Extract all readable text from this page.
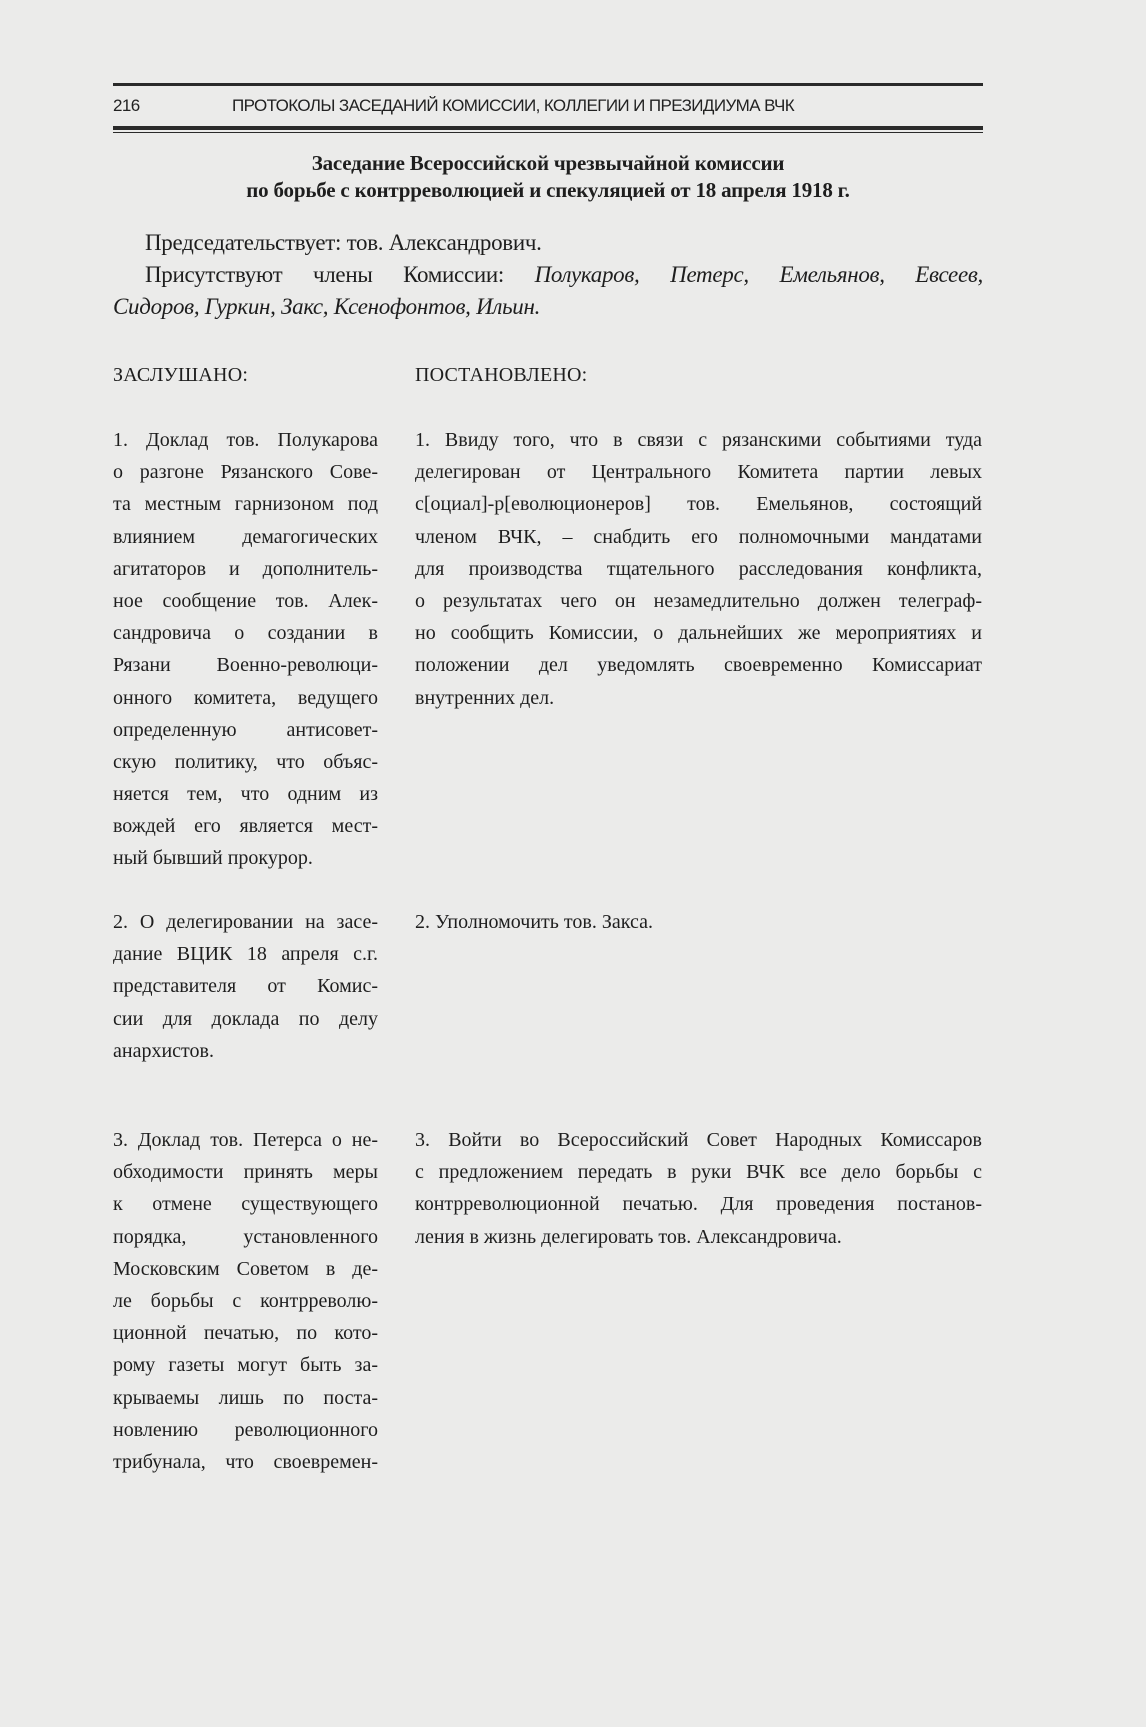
216	ПРОТОКОЛЫ ЗАСЕДАНИЙ КОМИССИИ, КОЛЛЕГИИ И ПРЕЗИДИУМА ВЧК
Заседание Всероссийской чрезвычайной комиссии
по борьбе с контрреволюцией и спекуляцией от 18 апреля 1918 г.
Председательствует: тов. Александрович.
Присутствуют члены Комиссии: Полукаров, Петерс, Емельянов, Евсеев,
Сидоров, Гуркин, Закс, Ксенофонтов, Ильин.
ЗАСЛУШАНО:	ПОСТАНОВЛЕНО:
1. Доклад тов. Полукарова
о разгоне Рязанского Сове-
та местным гарнизоном под
влиянием демагогических
агитаторов и дополнитель-
ное сообщение тов. Алек-
сандровича о создании в
Рязани Военно-революци-
онного комитета, ведущего
определенную антисовет-
скую политику, что объяс-
няется тем, что одним из
вождей его является мест-
ный бывший прокурор.
1. Ввиду того, что в связи с рязанскими событиями туда
делегирован от Центрального Комитета партии левых
с[оциал]-р[еволюционеров] тов. Емельянов, состоящий
членом ВЧК, – снабдить его полномочными мандатами
для производства тщательного расследования конфликта,
о результатах чего он незамедлительно должен телеграф-
но сообщить Комиссии, о дальнейших же мероприятиях и
положении дел уведомлять своевременно Комиссариат
внутренних дел.
2. О делегировании на засе-
дание ВЦИК 18 апреля с.г.
представителя от Комис-
сии для доклада по делу
анархистов.
2. Уполномочить тов. Закса.
3. Доклад тов. Петерса о не-
обходимости принять меры
к отмене существующего
порядка, установленного
Московским Советом в де-
ле борьбы с контрреволю-
ционной печатью, по кото-
рому газеты могут быть за-
крываемы лишь по поста-
новлению революционного
трибунала, что своевремен-
3. Войти во Всероссийский Совет Народных Комиссаров
с предложением передать в руки ВЧК все дело борьбы с
контрреволюционной печатью. Для проведения постанов-
ления в жизнь делегировать тов. Александровича.
